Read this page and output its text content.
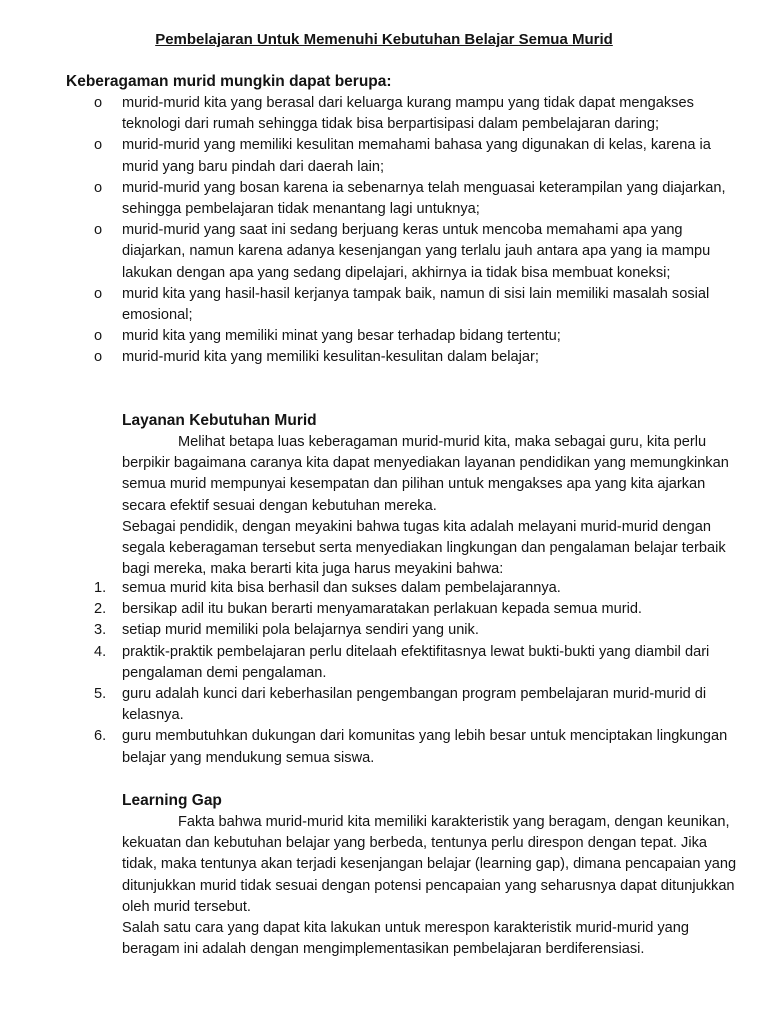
Pembelajaran Untuk Memenuhi Kebutuhan Belajar Semua Murid
Keberagaman murid mungkin dapat berupa:
o murid-murid kita yang berasal dari keluarga kurang mampu yang tidak dapat mengakses teknologi dari rumah sehingga tidak bisa berpartisipasi dalam pembelajaran daring;
o murid-murid yang memiliki kesulitan memahami bahasa yang digunakan di kelas, karena ia murid yang baru pindah dari daerah lain;
o murid-murid yang bosan karena ia sebenarnya telah menguasai keterampilan yang diajarkan, sehingga pembelajaran tidak menantang lagi untuknya;
o murid-murid yang saat ini sedang berjuang keras untuk mencoba memahami apa yang diajarkan, namun karena adanya kesenjangan yang terlalu jauh antara apa yang ia mampu lakukan dengan apa yang sedang dipelajari, akhirnya ia tidak bisa membuat koneksi;
o murid kita yang hasil-hasil kerjanya tampak baik, namun di sisi lain memiliki masalah sosial emosional;
o murid kita yang memiliki minat yang besar terhadap bidang tertentu;
o murid-murid kita yang memiliki kesulitan-kesulitan dalam belajar;
Layanan Kebutuhan Murid

Melihat betapa luas keberagaman murid-murid kita, maka sebagai guru, kita perlu berpikir bagaimana caranya kita dapat menyediakan layanan pendidikan yang memungkinkan semua murid mempunyai kesempatan dan pilihan untuk mengakses apa yang kita ajarkan secara efektif sesuai dengan kebutuhan mereka.

Sebagai pendidik, dengan meyakini bahwa tugas kita adalah melayani murid-murid dengan segala keberagaman tersebut serta menyediakan lingkungan dan pengalaman belajar terbaik bagi mereka, maka berarti kita juga harus meyakini bahwa:

1. semua murid kita bisa berhasil dan sukses dalam pembelajarannya.
2. bersikap adil itu bukan berarti menyamaratakan perlakuan kepada semua murid.
3. setiap murid memiliki pola belajarnya sendiri yang unik.
4. praktik-praktik pembelajaran perlu ditelaah efektifitasnya lewat bukti-bukti yang diambil dari pengalaman demi pengalaman.
5. guru adalah kunci dari keberhasilan pengembangan program pembelajaran murid-murid di kelasnya.
6. guru membutuhkan dukungan dari komunitas yang lebih besar untuk menciptakan lingkungan belajar yang mendukung semua siswa.
Learning Gap

Fakta bahwa murid-murid kita memiliki karakteristik yang beragam, dengan keunikan, kekuatan dan kebutuhan belajar yang berbeda, tentunya perlu direspon dengan tepat. Jika tidak, maka tentunya akan terjadi kesenjangan belajar (learning gap), dimana pencapaian yang ditunjukkan murid tidak sesuai dengan potensi pencapaian yang seharusnya dapat ditunjukkan oleh murid tersebut.

Salah satu cara yang dapat kita lakukan untuk merespon karakteristik murid-murid yang beragam ini adalah dengan mengimplementasikan pembelajaran berdiferensiasi.
